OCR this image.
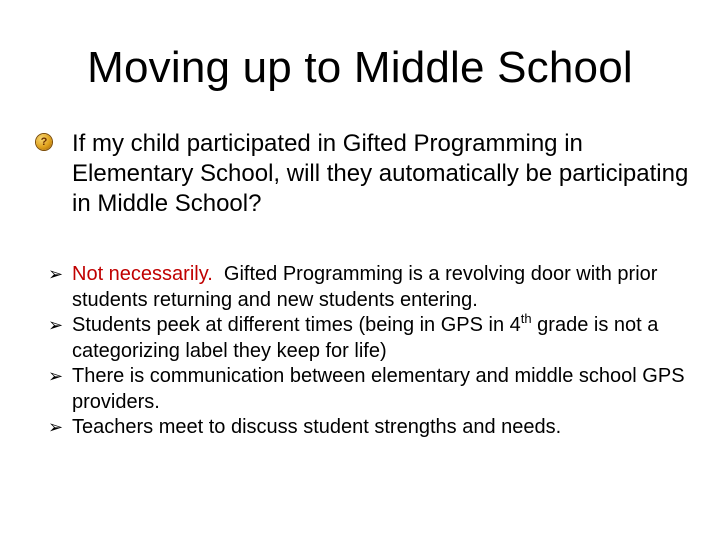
Moving up to Middle School
? If my child participated in Gifted Programming in Elementary School, will they automatically be participating in Middle School?
➢ Not necessarily. Gifted Programming is a revolving door with prior students returning and new students entering.
➢ Students peek at different times (being in GPS in 4th grade is not a categorizing label they keep for life)
➢ There is communication between elementary and middle school GPS providers.
➢ Teachers meet to discuss student strengths and needs.
